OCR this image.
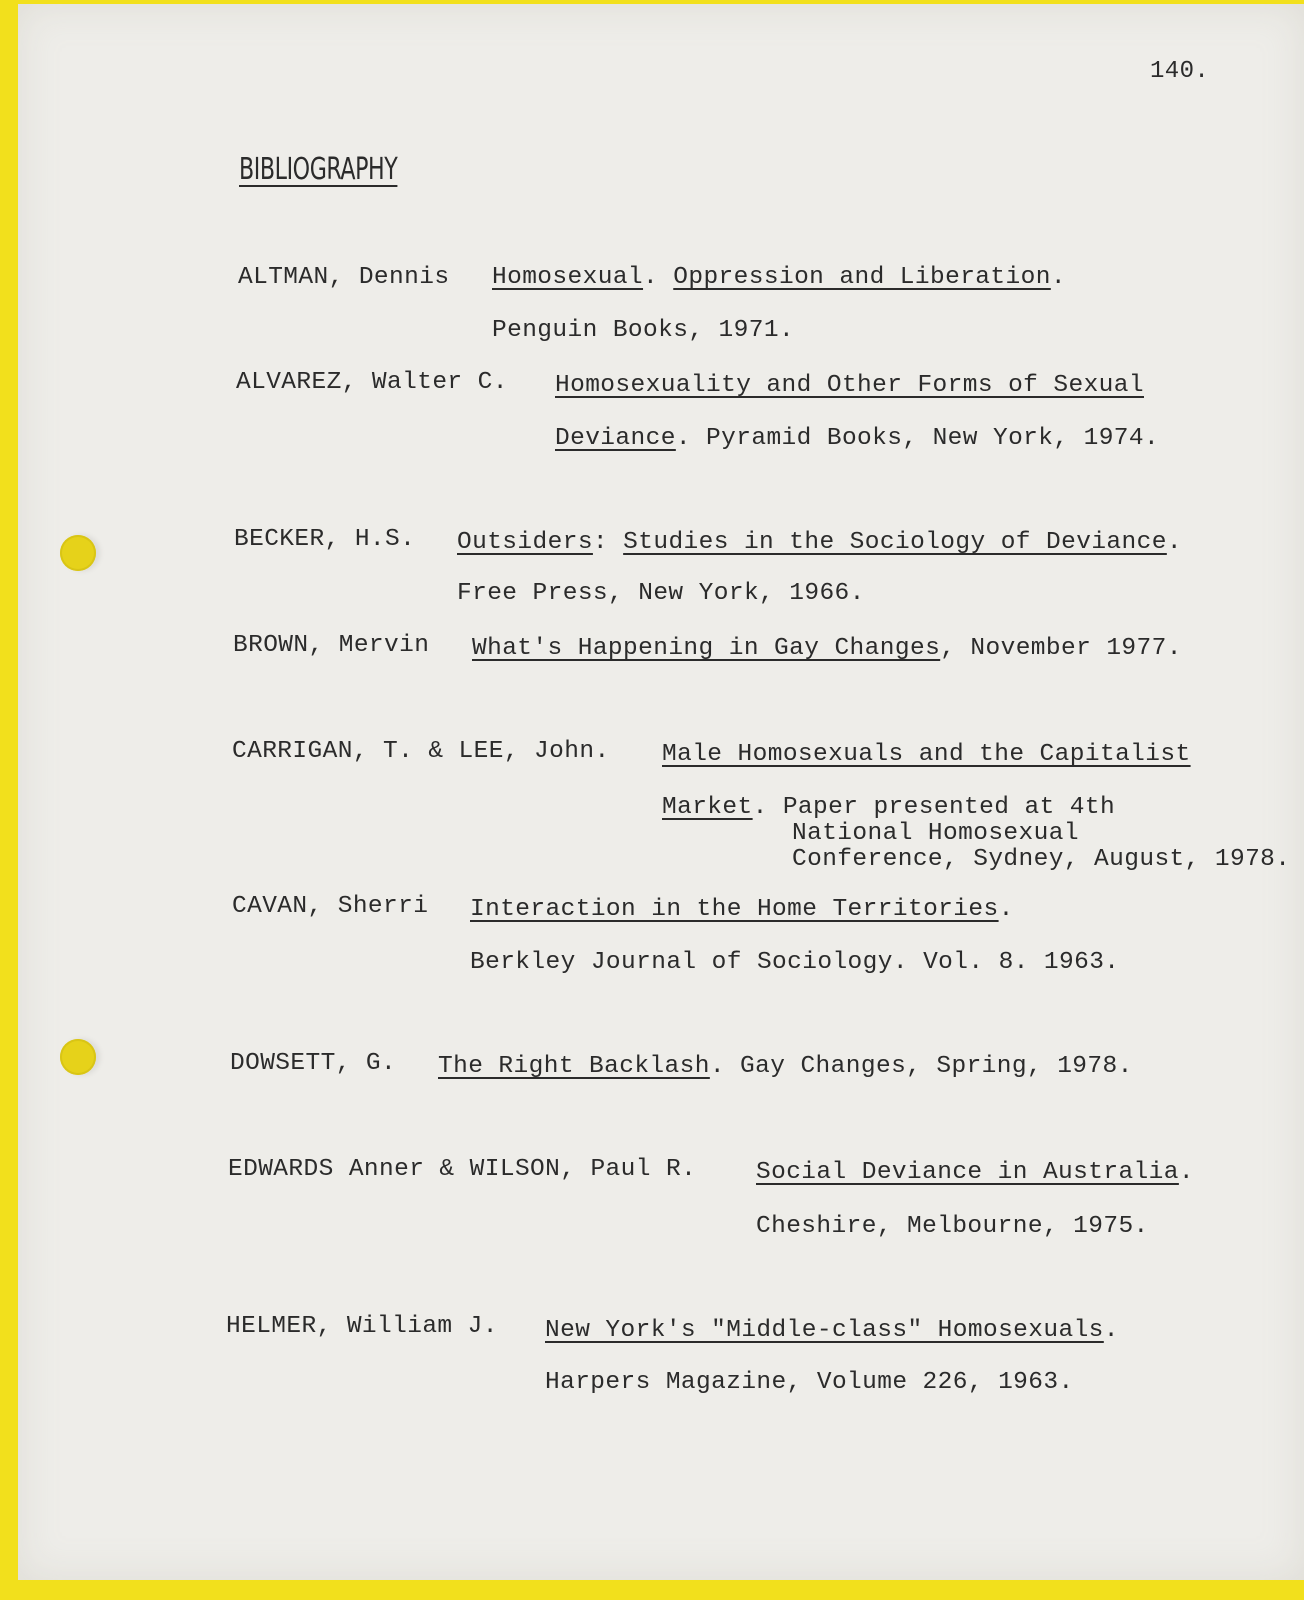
140.
BIBLIOGRAPHY
ALTMAN, Dennis Homosexual. Oppression and Liberation.
Penguin Books, 1971.
ALVAREZ, Walter C. Homosexuality and Other Forms of Sexual
Deviance. Pyramid Books, New York, 1974.
BECKER, H.S. Outsiders: Studies in the Sociology of Deviance.
Free Press, New York, 1966.
BROWN, Mervin What's Happening in Gay Changes, November 1977.
CARRIGAN, T. & LEE, John. Male Homosexuals and the Capitalist
Market. Paper presented at 4th
National Homosexual
Conference, Sydney, August, 1978.
CAVAN, Sherri Interaction in the Home Territories.
Berkley Journal of Sociology. Vol. 8. 1963.
DOWSETT, G. The Right Backlash. Gay Changes, Spring, 1978.
EDWARDS Anner & WILSON, Paul R. Social Deviance in Australia.
Cheshire, Melbourne, 1975.
HELMER, William J. New York's "Middle-class" Homosexuals.
Harpers Magazine, Volume 226, 1963.
